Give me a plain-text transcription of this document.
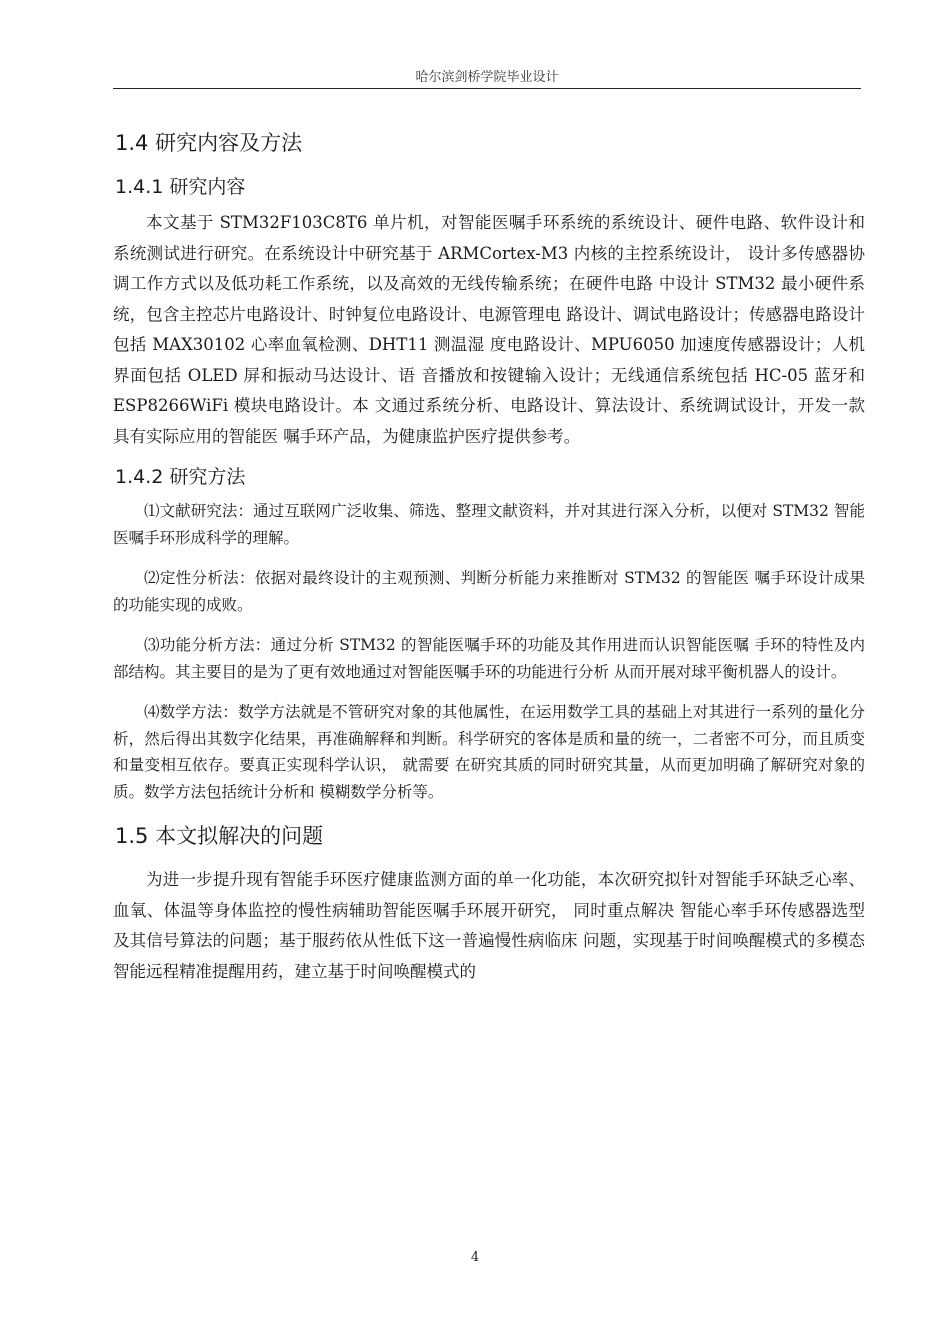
哈尔滨剑桥学院毕业设计
1.4 研究内容及方法
1.4.1 研究内容

本文基于 STM32F103C8T6 单片机，对智能医嘱手环系统的系统设计、硬件电路、软件设计和系统测试进行研究。在系统设计中研究基于 ARMCortex-M3 内核的主控系统设计， 设计多传感器协调工作方式以及低功耗工作系统，以及高效的无线传输系统；在硬件电路 中设计 STM32 最小硬件系统，包含主控芯片电路设计、时钟复位电路设计、电源管理电 路设计、调试电路设计；传感器电路设计包括 MAX30102 心率血氧检测、DHT11 测温湿 度电路设计、MPU6050 加速度传感器设计；人机界面包括 OLED 屏和振动马达设计、语 音播放和按键输入设计；无线通信系统包括 HC-05 蓝牙和 ESP8266WiFi 模块电路设计。本 文通过系统分析、电路设计、算法设计、系统调试设计，开发一款具有实际应用的智能医 嘱手环产品，为健康监护医疗提供参考。

1.4.2 研究方法

⑴文献研究法：通过互联网广泛收集、筛选、整理文献资料，并对其进行深入分析，以便对 STM32 智能医嘱手环形成科学的理解。

⑵定性分析法：依据对最终设计的主观预测、判断分析能力来推断对 STM32 的智能医 嘱手环设计成果的功能实现的成败。

⑶功能分析方法：通过分析 STM32 的智能医嘱手环的功能及其作用进而认识智能医嘱 手环的特性及内部结构。其主要目的是为了更有效地通过对智能医嘱手环的功能进行分析 从而开展对球平衡机器人的设计。

⑷数学方法：数学方法就是不管研究对象的其他属性，在运用数学工具的基础上对其进行一系列的量化分析，然后得出其数字化结果，再准确解释和判断。科学研究的客体是质和量的统一，二者密不可分，而且质变和量变相互依存。要真正实现科学认识， 就需要 在研究其质的同时研究其量，从而更加明确了解研究对象的质。数学方法包括统计分析和 模糊数学分析等。

1.5 本文拟解决的问题

为进一步提升现有智能手环医疗健康监测方面的单一化功能，本次研究拟针对智能手环缺乏心率、血氧、体温等身体监控的慢性病辅助智能医嘱手环展开研究， 同时重点解决 智能心率手环传感器选型及其信号算法的问题；基于服药依从性低下这一普遍慢性病临床 问题，实现基于时间唤醒模式的多模态智能远程精准提醒用药，建立基于时间唤醒模式的

4
